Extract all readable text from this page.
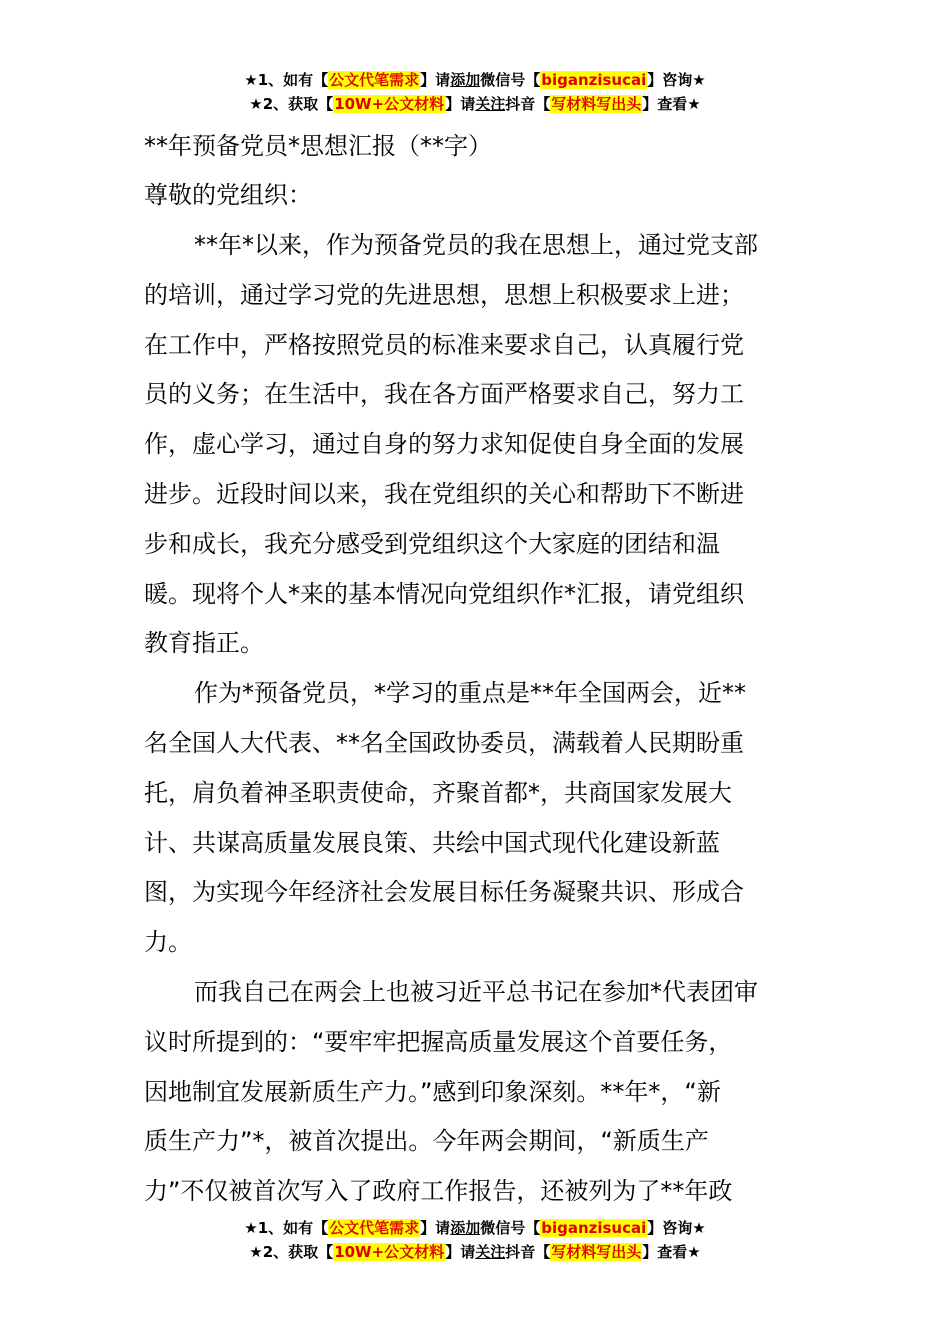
★1、如有【公文代笔需求】请添加微信号【biganzisucai】咨询★
★2、获取【10W+公文材料】请关注抖音【写材料写出头】查看★
**年预备党员*思想汇报（**字）
尊敬的党组织：
**年*以来，作为预备党员的我在思想上，通过党支部
的培训，通过学习党的先进思想，思想上积极要求上进；
在工作中，严格按照党员的标准来要求自己，认真履行党
员的义务；在生活中，我在各方面严格要求自己，努力工
作，虚心学习，通过自身的努力求知促使自身全面的发展
进步。近段时间以来，我在党组织的关心和帮助下不断进
步和成长，我充分感受到党组织这个大家庭的团结和温
暖。现将个人*来的基本情况向党组织作*汇报，请党组织
教育指正。
作为*预备党员，*学习的重点是**年全国两会，近**
名全国人大代表、**名全国政协委员，满载着人民期盼重
托，肩负着神圣职责使命，齐聚首都*，共商国家发展大
计、共谋高质量发展良策、共绘中国式现代化建设新蓝
图，为实现今年经济社会发展目标任务凝聚共识、形成合
力。
而我自己在两会上也被习近平总书记在参加*代表团审
议时所提到的：“要牢牢把握高质量发展这个首要任务，
因地制宜发展新质生产力。”感到印象深刻。**年*，“新
质生产力”*，被首次提出。今年两会期间，“新质生产
力”不仅被首次写入了政府工作报告，还被列为了**年政
★1、如有【公文代笔需求】请添加微信号【biganzisucai】咨询★
★2、获取【10W+公文材料】请关注抖音【写材料写出头】查看★
